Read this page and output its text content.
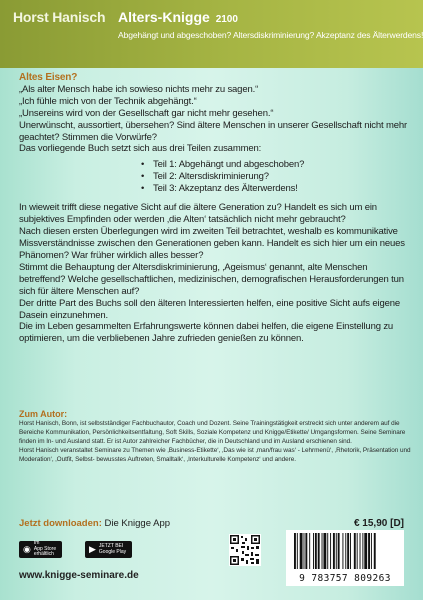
Horst Hanisch Alters-Knigge 2100
Abgehängt und abgeschoben? Altersdiskriminierung? Akzeptanz des Älterwerdens!

Altes Eisen?

„Als alter Mensch habe ich sowieso nichts mehr zu sagen.“

„Ich fühle mich von der Technik abgehängt.“

„Unsereins wird von der Gesellschaft gar nicht mehr gesehen.“

Unerwünscht, aussortiert, übersehen? Sind ältere Menschen in unserer Gesellschaft nicht mehr geachtet? Stimmen die Vorwürfe?

Das vorliegende Buch setzt sich aus drei Teilen zusammen:

• Teil 1: Abgehängt und abgeschoben?
• Teil 2: Altersdiskriminierung?
• Teil 3: Akzeptanz des Älterwerdens!

In wieweit trifft diese negative Sicht auf die ältere Generation zu? Handelt es sich um ein subjektives Empfinden oder werden ‚die Alten‘ tatsächlich nicht mehr gebraucht?

Nach diesen ersten Überlegungen wird im zweiten Teil betrachtet, weshalb es kommunikative Missverständnisse zwischen den Generationen geben kann. Handelt es sich hier um ein neues Phänomen? War früher wirklich alles besser?

Stimmt die Behauptung der Altersdiskriminierung, ‚Ageismus‘ genannt, alte Menschen betreffend? Welche gesellschaftlichen, medizinischen, demografischen Herausforderungen tun sich für ältere Menschen auf?

Der dritte Part des Buchs soll den älteren Interessierten helfen, eine positive Sicht aufs eigene Dasein einzunehmen.

Die im Leben gesammelten Erfahrungswerte können dabei helfen, die eigene Einstellung zu optimieren, um die verbliebenen Jahre zufrieden genießen zu können.

Zum Autor:

Horst Hanisch, Bonn, ist selbstständiger Fachbuchautor, Coach und Dozent. Seine Trainingstätigkeit erstreckt sich unter anderem auf die Bereiche Kommunikation, Persönlichkeitsentfaltung, Soft Skills, Soziale Kompetenz und Knigge/Etikette/ Umgangsformen. Seine Seminare finden im In- und Ausland statt. Er ist Autor zahlreicher Fachbücher, die in Deutschland und im Ausland erschienen sind.

Horst Hanisch veranstaltet Seminare zu Themen wie ‚Business-Etikette‘, ‚Das wie ist ‚man/frau was‘ - Lehrmenü‘, ‚Rhetorik, Präsentation und Moderation‘, ‚Outfit, Selbst- bewusstes Auftreten, Smalltalk‘, ‚Interkulturelle Kompetenz‘ und andere.

Jetzt downloaden: Die Knigge App	€ 15,90 [D]
◉
Im
App Store
erhältlich
▶ JETZT BEI
Google Play
9 783757 809263
www.knigge-seminare.de
